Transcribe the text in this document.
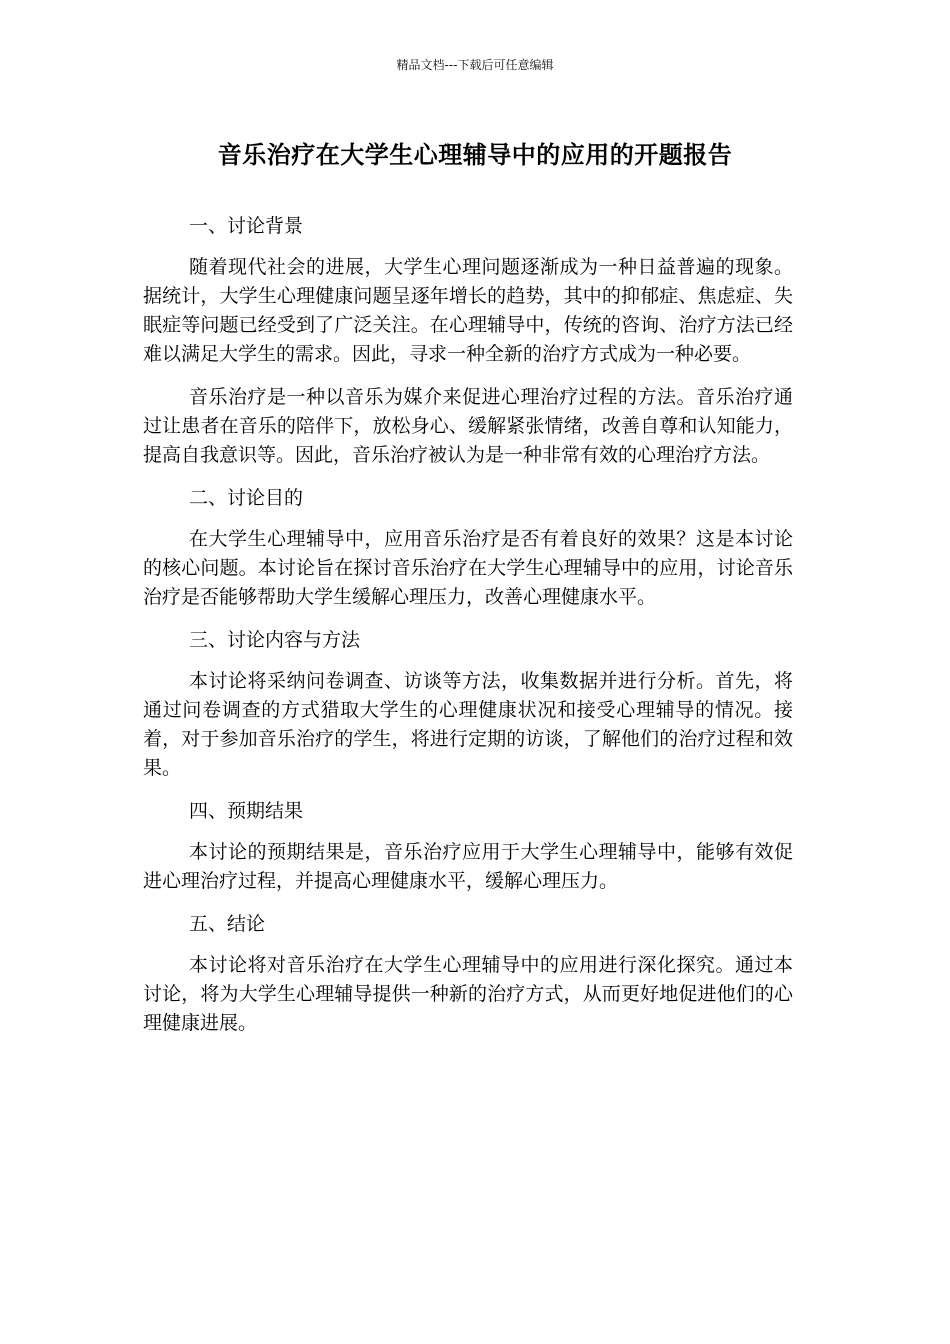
精品文档---下载后可任意编辑
音乐治疗在大学生心理辅导中的应用的开题报告
一、讨论背景

随着现代社会的进展，大学生心理问题逐渐成为一种日益普遍的现象。据统计，大学生心理健康问题呈逐年增长的趋势，其中的抑郁症、焦虑症、失眠症等问题已经受到了广泛关注。在心理辅导中，传统的咨询、治疗方法已经难以满足大学生的需求。因此，寻求一种全新的治疗方式成为一种必要。

音乐治疗是一种以音乐为媒介来促进心理治疗过程的方法。音乐治疗通过让患者在音乐的陪伴下，放松身心、缓解紧张情绪，改善自尊和认知能力，提高自我意识等。因此，音乐治疗被认为是一种非常有效的心理治疗方法。

二、讨论目的

在大学生心理辅导中，应用音乐治疗是否有着良好的效果？这是本讨论的核心问题。本讨论旨在探讨音乐治疗在大学生心理辅导中的应用，讨论音乐治疗是否能够帮助大学生缓解心理压力，改善心理健康水平。

三、讨论内容与方法

本讨论将采纳问卷调查、访谈等方法，收集数据并进行分析。首先，将通过问卷调查的方式猎取大学生的心理健康状况和接受心理辅导的情况。接着，对于参加音乐治疗的学生，将进行定期的访谈，了解他们的治疗过程和效果。

四、预期结果

本讨论的预期结果是，音乐治疗应用于大学生心理辅导中，能够有效促进心理治疗过程，并提高心理健康水平，缓解心理压力。

五、结论

本讨论将对音乐治疗在大学生心理辅导中的应用进行深化探究。通过本讨论，将为大学生心理辅导提供一种新的治疗方式，从而更好地促进他们的心理健康进展。
